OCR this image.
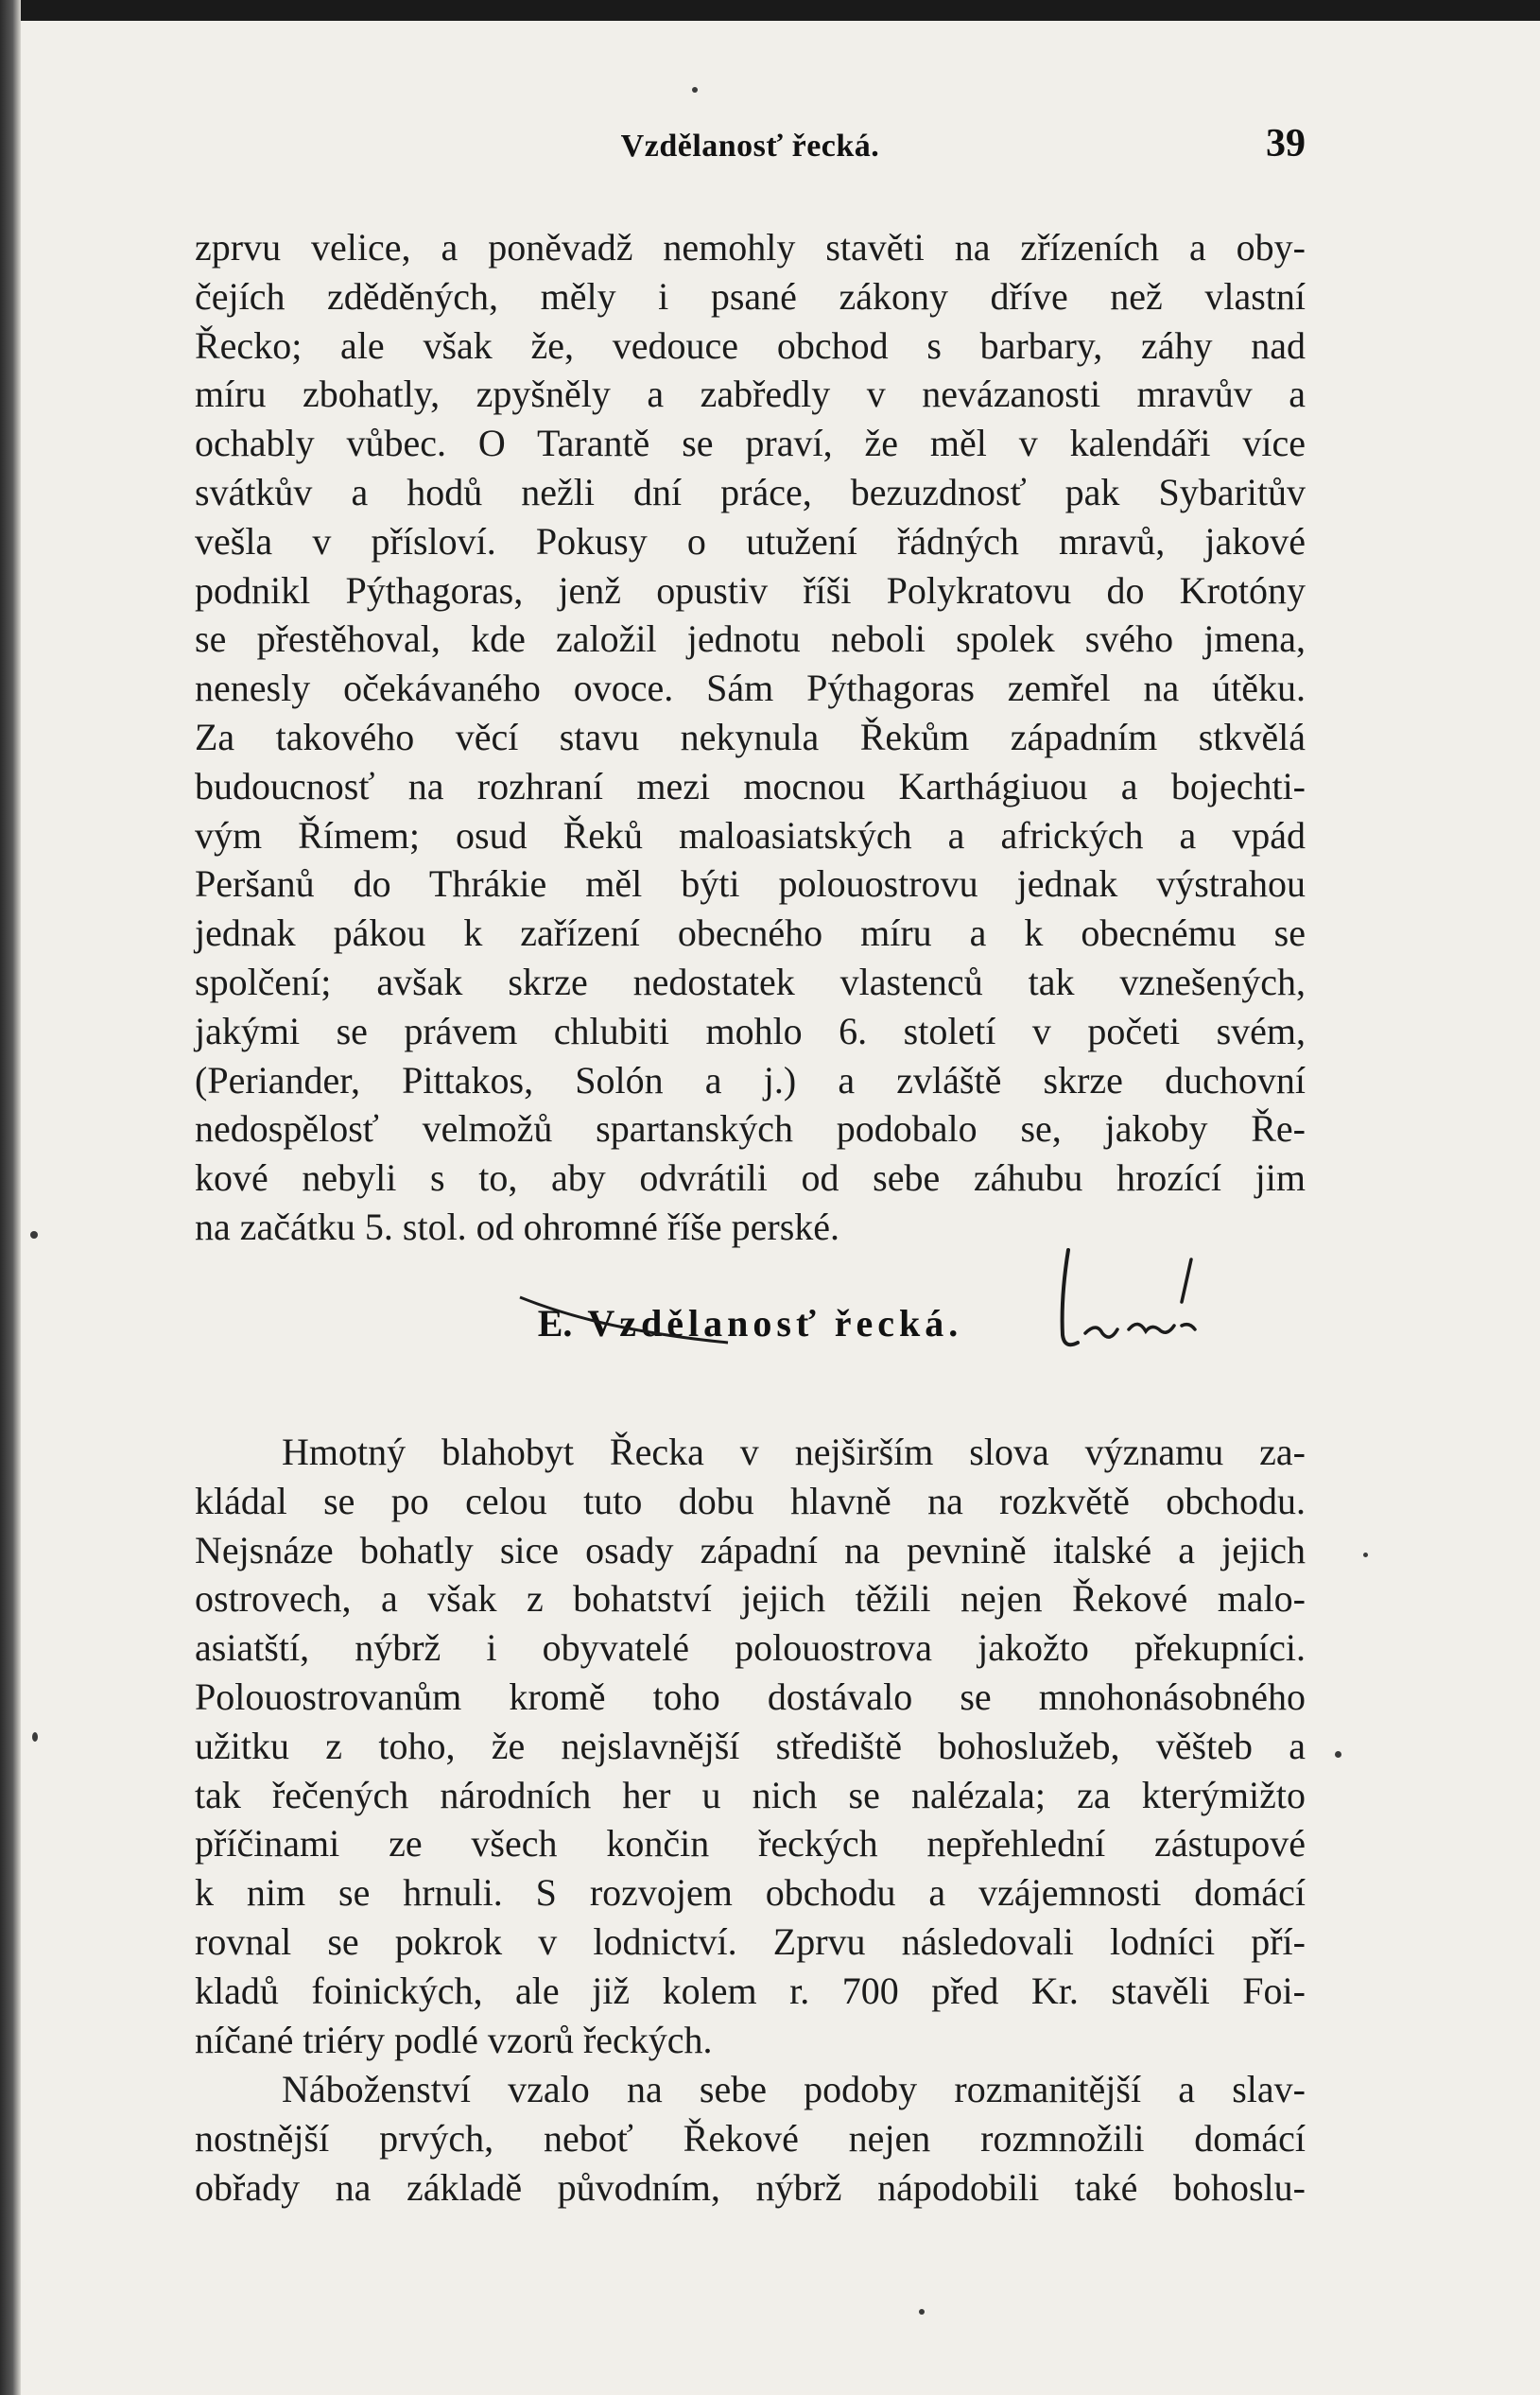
Vzdělanosť řecká.	39
zprvu velice, a poněvadž nemohly stavěti na zřízeních a oby-
čejích zděděných, měly i psané zákony dříve než vlastní
Řecko; ale však že, vedouce obchod s barbary, záhy nad
míru zbohatly, zpyšněly a zabředly v nevázanosti mravův a
ochably vůbec. O Tarantě se praví, že měl v kalendáři více
svátkův a hodů nežli dní práce, bezuzdnosť pak Sybaritův
vešla v přísloví. Pokusy o utužení řádných mravů, jakové
podnikl Pýthagoras, jenž opustiv říši Polykratovu do Krotóny
se přestěhoval, kde založil jednotu neboli spolek svého jmena,
nenesly očekávaného ovoce. Sám Pýthagoras zemřel na útěku.
Za takového věcí stavu nekynula Řekům západním stkvělá
budoucnosť na rozhraní mezi mocnou Karthágiuou a bojechti-
vým Římem; osud Řeků maloasiatských a afrických a vpád
Peršanů do Thrákie měl býti polouostrovu jednak výstrahou
jednak pákou k zařízení obecného míru a k obecnému se
spolčení; avšak skrze nedostatek vlastenců tak vznešených,
jakými se právem chlubiti mohlo 6. století v početi svém,
(Periander, Pittakos, Solón a j.) a zvláště skrze duchovní
nedospělosť velmožů spartanských podobalo se, jakoby Ře-
kové nebyli s to, aby odvrátili od sebe záhubu hrozící jim
na začátku 5. stol. od ohromné říše perské.
E. Vzdělanosť řecká.
Hmotný blahobyt Řecka v nejširším slova významu za-
kládal se po celou tuto dobu hlavně na rozkvětě obchodu.
Nejsnáze bohatly sice osady západní na pevnině italské a jejich
ostrovech, a však z bohatství jejich těžili nejen Řekové malo-
asiatští, nýbrž i obyvatelé polouostrova jakožto překupníci.
Polouostrovanům kromě toho dostávalo se mnohonásobného
užitku z toho, že nejslavnější střediště bohoslužeb, věšteb a
tak řečených národních her u nich se nalézala; za kterýmižto
příčinami ze všech končin řeckých nepřehlední zástupové
k nim se hrnuli. S rozvojem obchodu a vzájemnosti domácí
rovnal se pokrok v lodnictví. Zprvu následovali lodníci pří-
kladů foinických, ale již kolem r. 700 před Kr. stavěli Foi-
níčané triéry podlé vzorů řeckých.
Náboženství vzalo na sebe podoby rozmanitější a slav-
nostnější prvých, neboť Řekové nejen rozmnožili domácí
obřady na základě původním, nýbrž nápodobili také bohoslu-
